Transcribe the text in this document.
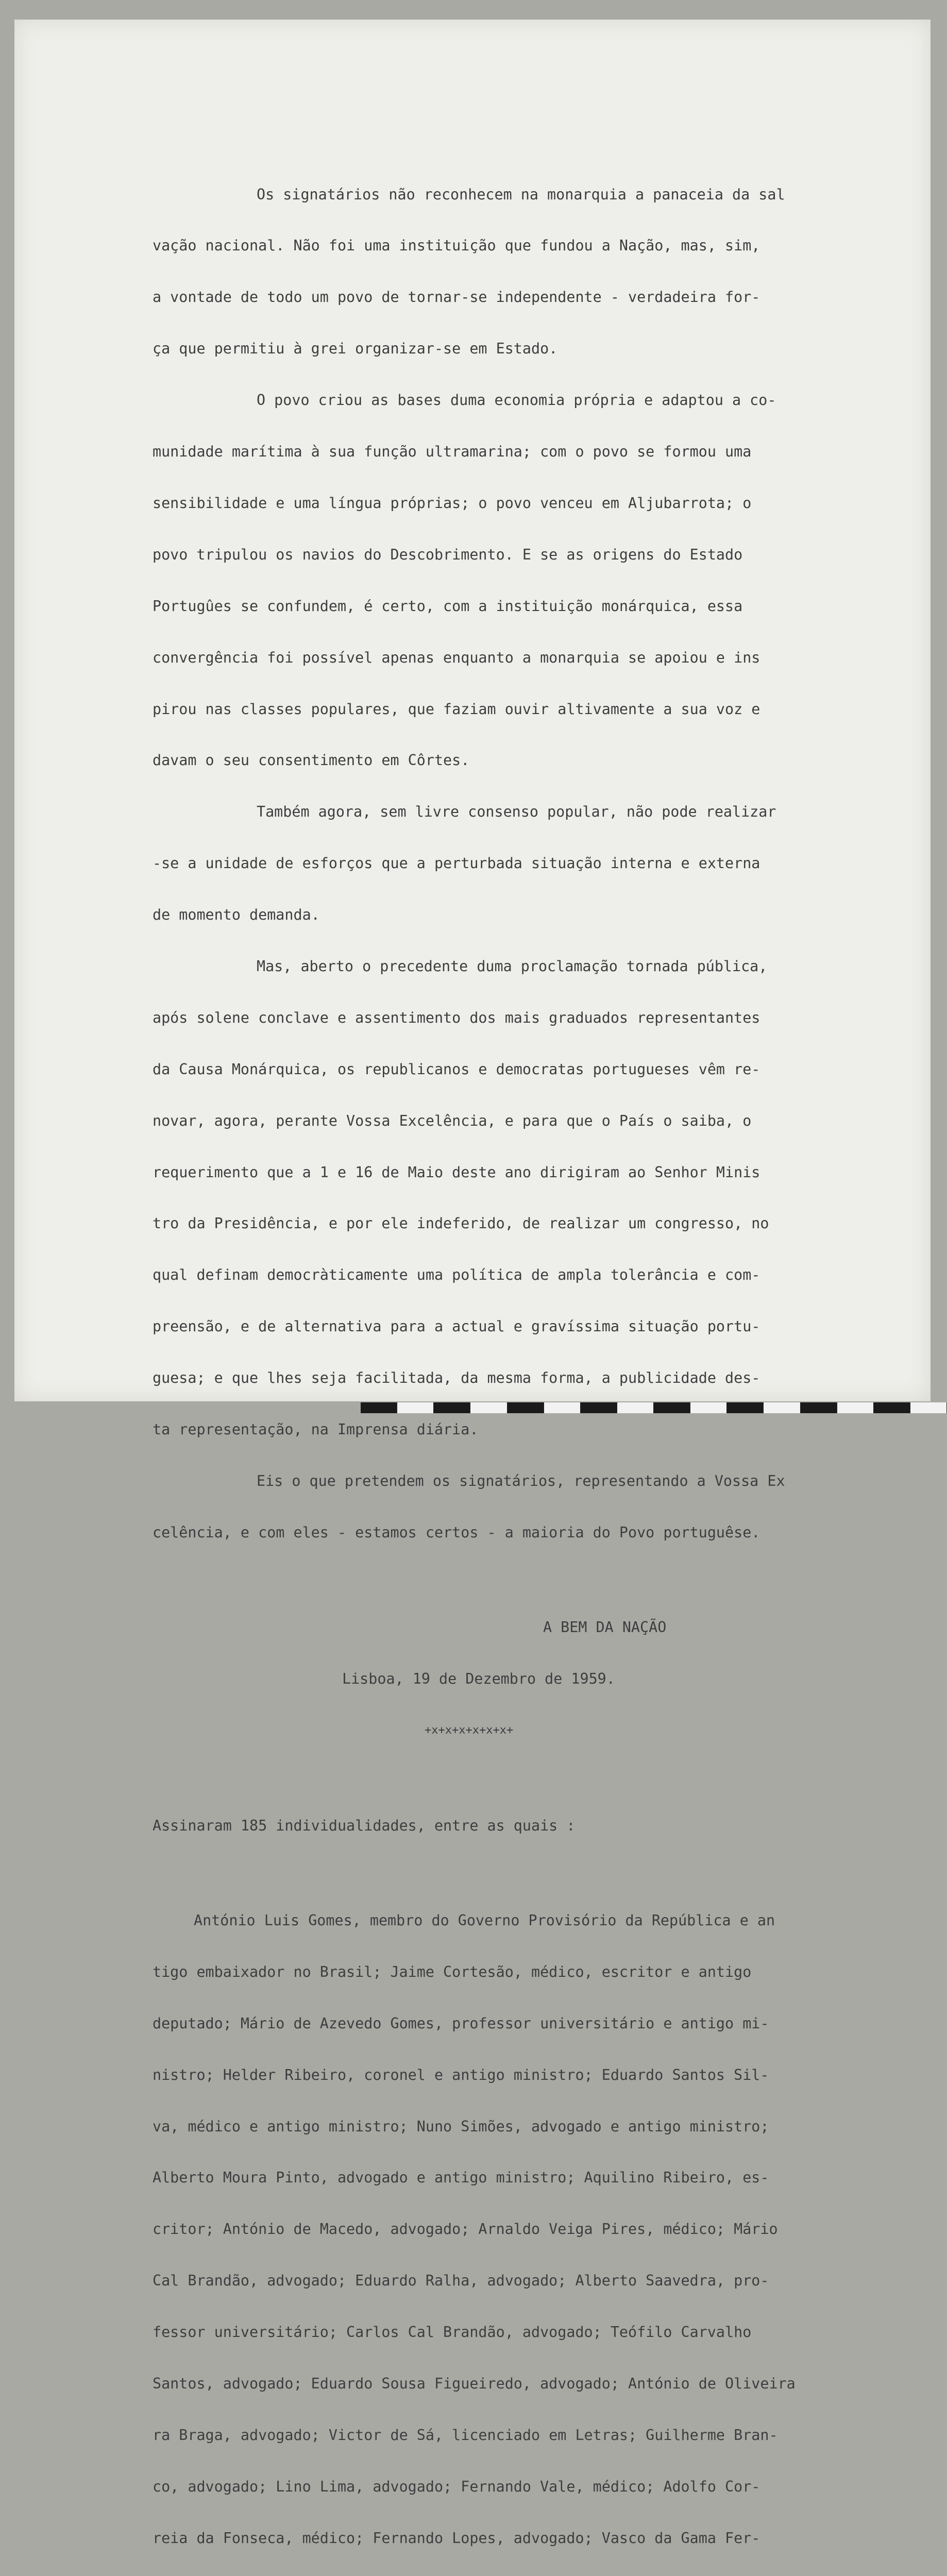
Os signatários não reconhecem na monarquia a panaceia da sal

vação nacional. Não foi uma instituição que fundou a Nação, mas, sim,

a vontade de todo um povo de tornar-se independente - verdadeira for-

ça que permitiu à grei organizar-se em Estado.

O povo criou as bases duma economia própria e adaptou a co-

munidade marítima à sua função ultramarina; com o povo se formou uma

sensibilidade e uma língua próprias; o povo venceu em Aljubarrota; o

povo tripulou os navios do Descobrimento. E se as origens do Estado

Portugûes se confundem, é certo, com a instituição monárquica, essa

convergência foi possível apenas enquanto a monarquia se apoiou e ins

pirou nas classes populares, que faziam ouvir altivamente a sua voz e

davam o seu consentimento em Côrtes.

Também agora, sem livre consenso popular, não pode realizar

-se a unidade de esforços que a perturbada situação interna e externa

de momento demanda.

Mas, aberto o precedente duma proclamação tornada pública,

após solene conclave e assentimento dos mais graduados representantes

da Causa Monárquica, os republicanos e democratas portugueses vêm re-

novar, agora, perante Vossa Excelência, e para que o País o saiba, o

requerimento que a 1 e 16 de Maio deste ano dirigiram ao Senhor Minis

tro da Presidência, e por ele indeferido, de realizar um congresso, no

qual definam democràticamente uma política de ampla tolerância e com-

preensão, e de alternativa para a actual e gravíssima situação portu-

guesa; e que lhes seja facilitada, da mesma forma, a publicidade des-

ta representação, na Imprensa diária.

Eis o que pretendem os signatários, representando a Vossa Ex

celência, e com eles - estamos certos - a maioria do Povo portuguêse.

A BEM DA NAÇÃO

Lisboa, 19 de Dezembro de 1959.

+x+x+x+x+x+x+

Assinaram 185 individualidades, entre as quais :

António Luis Gomes, membro do Governo Provisório da República e an

tigo embaixador no Brasil; Jaime Cortesão, médico, escritor e antigo

deputado; Mário de Azevedo Gomes, professor universitário e antigo mi-

nistro; Helder Ribeiro, coronel e antigo ministro; Eduardo Santos Sil-

va, médico e antigo ministro; Nuno Simões, advogado e antigo ministro;

Alberto Moura Pinto, advogado e antigo ministro; Aquilino Ribeiro, es-

critor; António de Macedo, advogado; Arnaldo Veiga Pires, médico; Mário

Cal Brandão, advogado; Eduardo Ralha, advogado; Alberto Saavedra, pro-

fessor universitário; Carlos Cal Brandão, advogado; Teófilo Carvalho

Santos, advogado; Eduardo Sousa Figueiredo, advogado; António de Oliveira

ra Braga, advogado; Victor de Sá, licenciado em Letras; Guilherme Bran-

co, advogado; Lino Lima, advogado; Fernando Vale, médico; Adolfo Cor-

reia da Fonseca, médico; Fernando Lopes, advogado; Vasco da Gama Fer-
